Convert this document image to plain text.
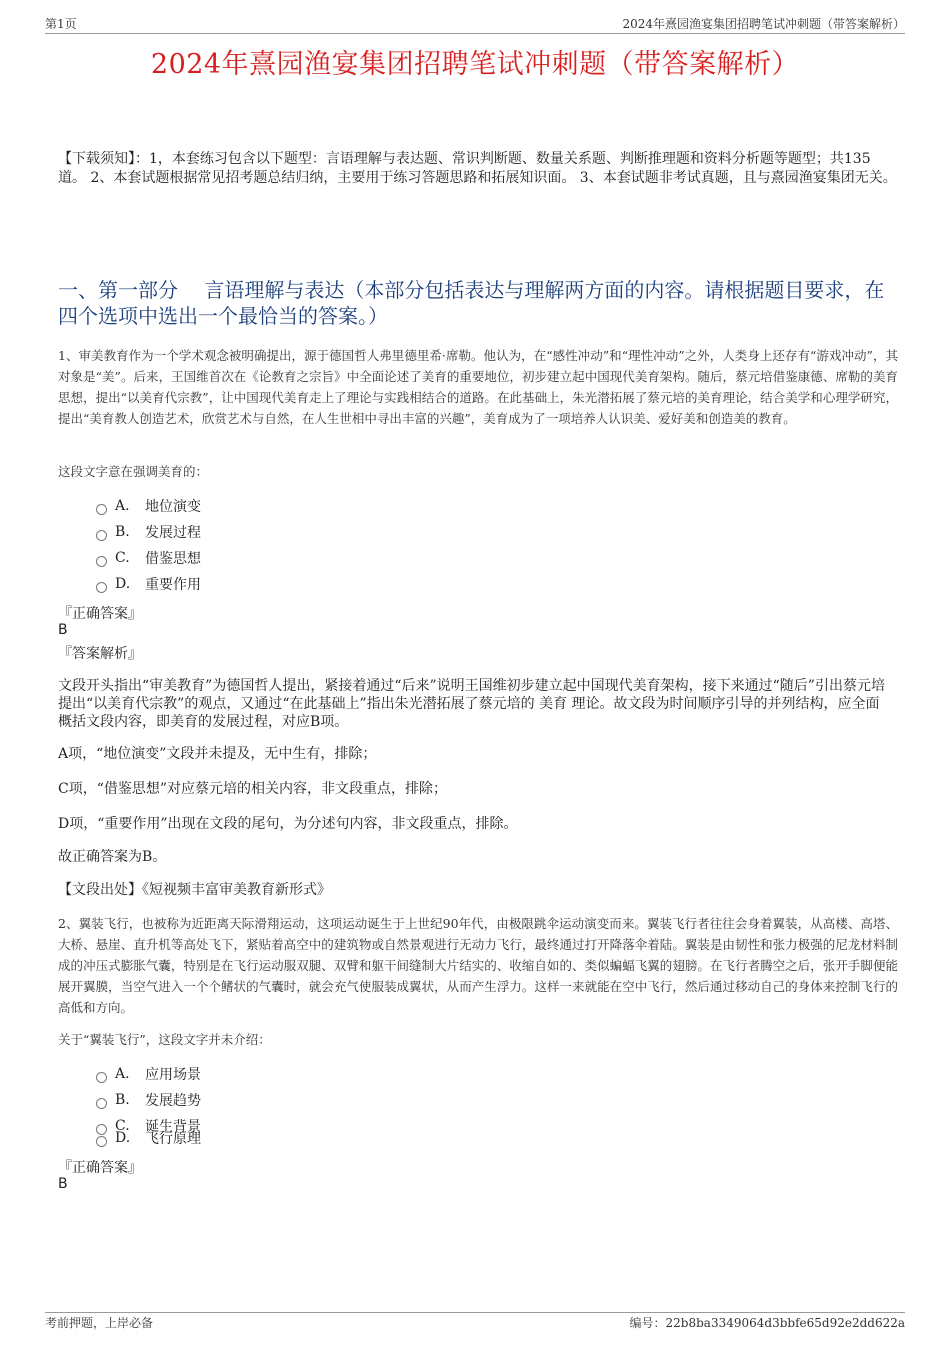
第1页	2024年熹园渔宴集团招聘笔试冲刺题（带答案解析）
2024年熹园渔宴集团招聘笔试冲刺题（带答案解析）
【下载须知】：1，本套练习包含以下题型：言语理解与表达题、常识判断题、数量关系题、判断推理题和资料分析题等题型；共135道。 2、本套试题根据常见招考题总结归纳，主要用于练习答题思路和拓展知识面。 3、本套试题非考试真题，且与熹园渔宴集团无关。
一、第一部分　 言语理解与表达（本部分包括表达与理解两方面的内容。请根据题目要求，在四个选项中选出一个最恰当的答案。）
1、审美教育作为一个学术观念被明确提出，源于德国哲人弗里德里希·席勒。他认为，在“感性冲动”和“理性冲动”之外，人类身上还存有“游戏冲动”，其对象是“美”。后来，王国维首次在《论教育之宗旨》中全面论述了美育的重要地位，初步建立起中国现代美育架构。随后，蔡元培借鉴康德、席勒的美育思想，提出“以美育代宗教”，让中国现代美育走上了理论与实践相结合的道路。在此基础上，朱光潜拓展了蔡元培的美育理论，结合美学和心理学研究，提出“美育教人创造艺术，欣赏艺术与自然，在人生世相中寻出丰富的兴趣”，美育成为了一项培养人认识美、爱好美和创造美的教育。
这段文字意在强调美育的：
A.	地位演变
B.	发展过程
C.	借鉴思想
D.	重要作用
『正确答案』
B
『答案解析』
文段开头指出“审美教育”为德国哲人提出，紧接着通过“后来”说明王国维初步建立起中国现代美育架构，接下来通过“随后”引出蔡元培提出“以美育代宗教”的观点，又通过“在此基础上”指出朱光潜拓展了蔡元培的 美育 理论。故文段为时间顺序引导的并列结构，应全面概括文段内容，即美育的发展过程，对应B项。
A项，“地位演变”文段并未提及，无中生有，排除；
C项，“借鉴思想”对应蔡元培的相关内容，非文段重点，排除；
D项，“重要作用”出现在文段的尾句，为分述句内容，非文段重点，排除。
故正确答案为B。
【文段出处】《短视频丰富审美教育新形式》
2、翼装飞行，也被称为近距离天际滑翔运动，这项运动诞生于上世纪90年代，由极限跳伞运动演变而来。翼装飞行者往往会身着翼装，从高楼、高塔、大桥、悬崖、直升机等高处飞下，紧贴着高空中的建筑物或自然景观进行无动力飞行，最终通过打开降落伞着陆。翼装是由韧性和张力极强的尼龙材料制成的冲压式膨胀气囊，特别是在飞行运动服双腿、双臂和躯干间缝制大片结实的、收缩自如的、类似蝙蝠飞翼的翅膀。在飞行者腾空之后，张开手脚便能展开翼膜，当空气进入一个个鳍状的气囊时，就会充气使服装成翼状，从而产生浮力。这样一来就能在空中飞行，然后通过移动自己的身体来控制飞行的高低和方向。
关于“翼装飞行”，这段文字并未介绍：
A.	应用场景
B.	发展趋势
C.	诞生背景
D.	飞行原理
『正确答案』
B
考前押题，上岸必备	编号：22b8ba3349064d3bbfe65d92e2dd622a
